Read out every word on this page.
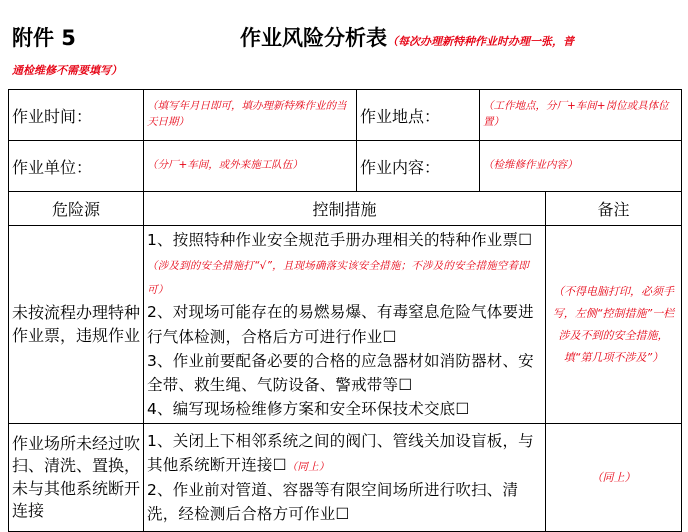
附件 5	作业风险分析表（每次办理新特种作业时办理一张，普
通检维修不需要填写）
作业时间：	（填写年月日即可，填办理新特殊作业的当天日期）	作业地点：	（工作地点，分厂+车间+岗位或具体位置）	
作业单位：	（分厂+车间，或外来施工队伍）	作业内容：	（检维修作业内容）	
危险源	控制措施			备注
未按流程办理特种作业票，违规作业	1、按照特种作业安全规范手册办理相关的特种作业票☐（涉及到的安全措施打“√”，且现场确落实该安全措施；不涉及的安全措施空着即可）
2、对现场可能存在的易燃易爆、有毒窒息危险气体要进行气体检测，合格后方可进行作业☐
3、作业前要配备必要的合格的应急器材如消防器材、安全带、救生绳、气防设备、警戒带等☐
4、编写现场检维修方案和安全环保技术交底☐			（不得电脑打印，必须手写，左侧“控制措施”一栏涉及不到的安全措施，填“第几项不涉及”）
作业场所未经过吹扫、清洗、置换，未与其他系统断开连接	1、关闭上下相邻系统之间的阀门、管线关加设盲板，与其他系统断开连接☐（同上）
2、作业前对管道、容器等有限空间场所进行吹扫、清洗，经检测后合格方可作业☐			（同上）
